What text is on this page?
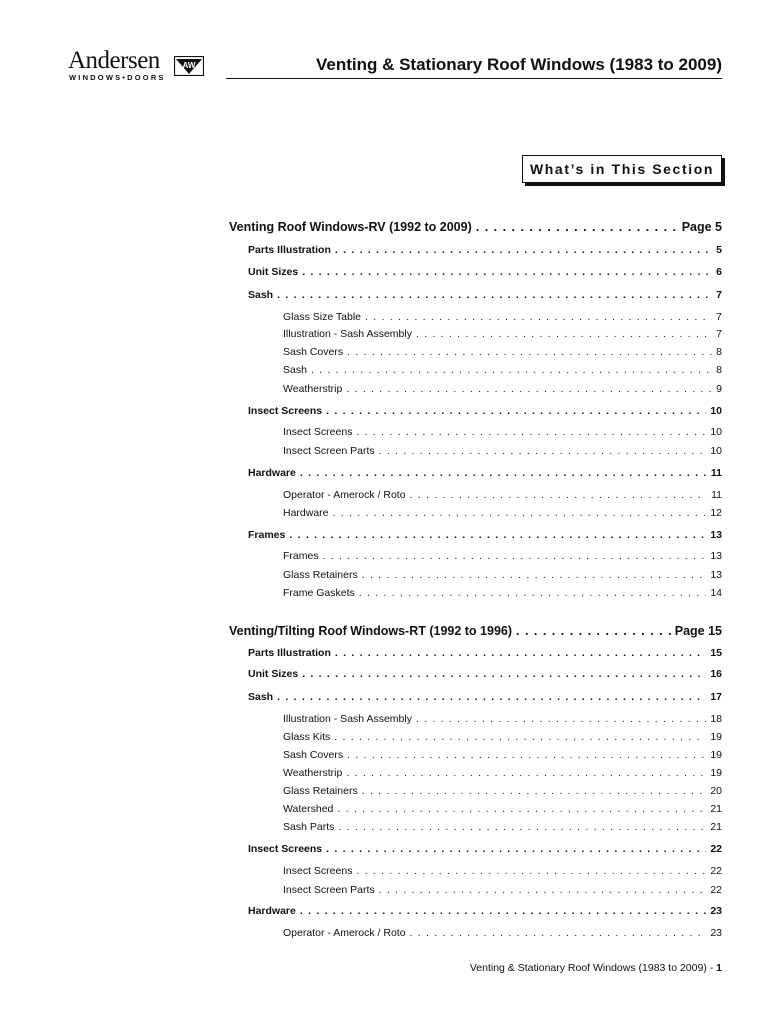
Andersen	AW
WINDOWS•DOORS
Venting & Stationary Roof Windows (1983 to 2009)
What’s in This Section
Venting Roof Windows-RV (1992 to 2009) . . .	Page 5
Parts Illustration . . .	5
Unit Sizes . . .	6
Sash . . .	7
Glass Size Table . . .	7
Illustration - Sash Assembly . . .	7
Sash Covers . . .	8
Sash . . .	8
Weatherstrip . . .	9
Insect Screens . . .	10
Insect Screens . . .	10
Insect Screen Parts . . .	10
Hardware . . .	11
Operator - Amerock / Roto . . .	11
Hardware . . .	12
Frames . . .	13
Frames . . .	13
Glass Retainers . . .	13
Frame Gaskets . . .	14
Venting/Tilting Roof Windows-RT (1992 to 1996) . . .	Page 15
Parts Illustration . . .	15
Unit Sizes . . .	16
Sash . . .	17
Illustration - Sash Assembly . . .	18
Glass Kits . . .	19
Sash Covers . . .	19
Weatherstrip . . .	19
Glass Retainers . . .	20
Watershed . . .	21
Sash Parts . . .	21
Insect Screens . . .	22
Insect Screens . . .	22
Insect Screen Parts . . .	22
Hardware . . .	23
Operator - Amerock / Roto . . .	23
Venting & Stationary Roof Windows (1983 to 2009) - 1
